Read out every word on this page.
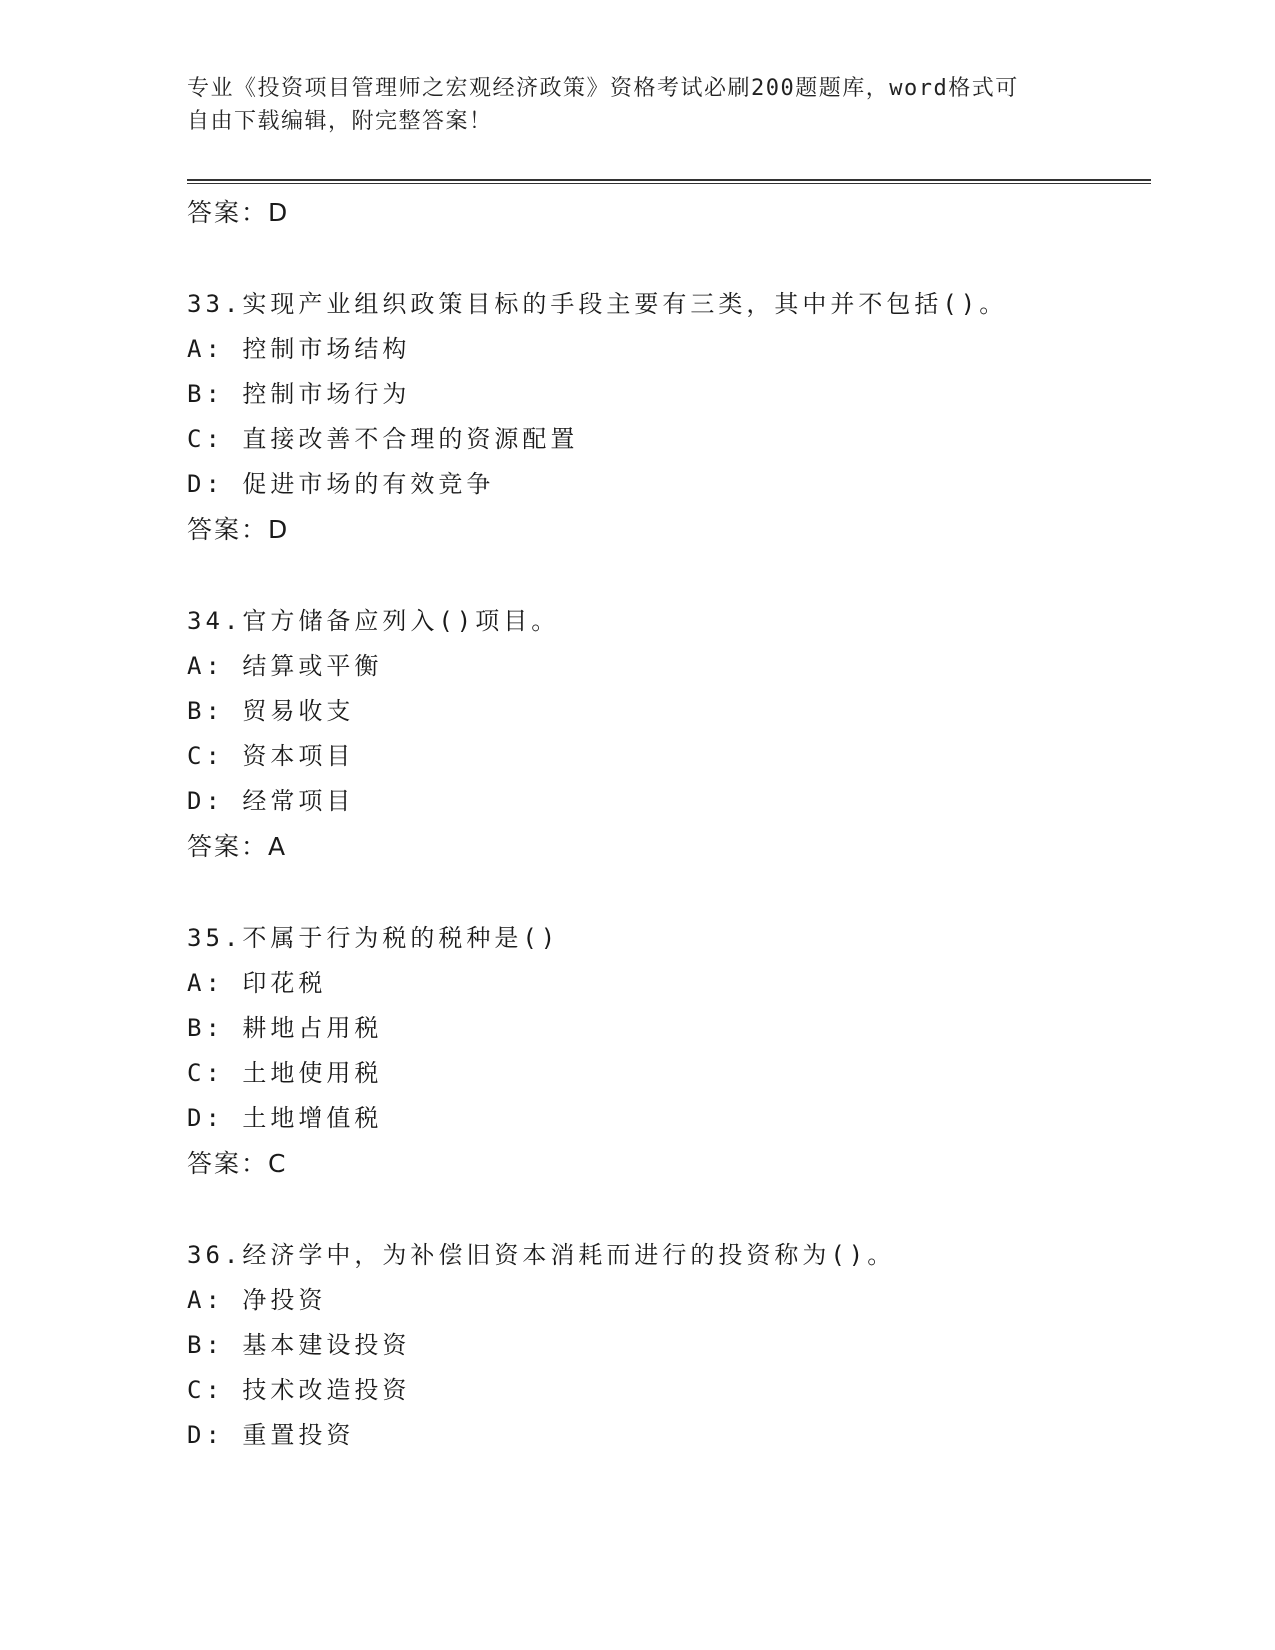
专业《投资项目管理师之宏观经济政策》资格考试必刷200题题库，word格式可
自由下载编辑，附完整答案！
答案：D
33.实现产业组织政策目标的手段主要有三类，其中并不包括()。
A: 控制市场结构
B: 控制市场行为
C: 直接改善不合理的资源配置
D: 促进市场的有效竞争
答案：D
34.官方储备应列入()项目。
A: 结算或平衡
B: 贸易收支
C: 资本项目
D: 经常项目
答案：A
35.不属于行为税的税种是()
A: 印花税
B: 耕地占用税
C: 土地使用税
D: 土地增值税
答案：C
36.经济学中，为补偿旧资本消耗而进行的投资称为()。
A: 净投资
B: 基本建设投资
C: 技术改造投资
D: 重置投资
